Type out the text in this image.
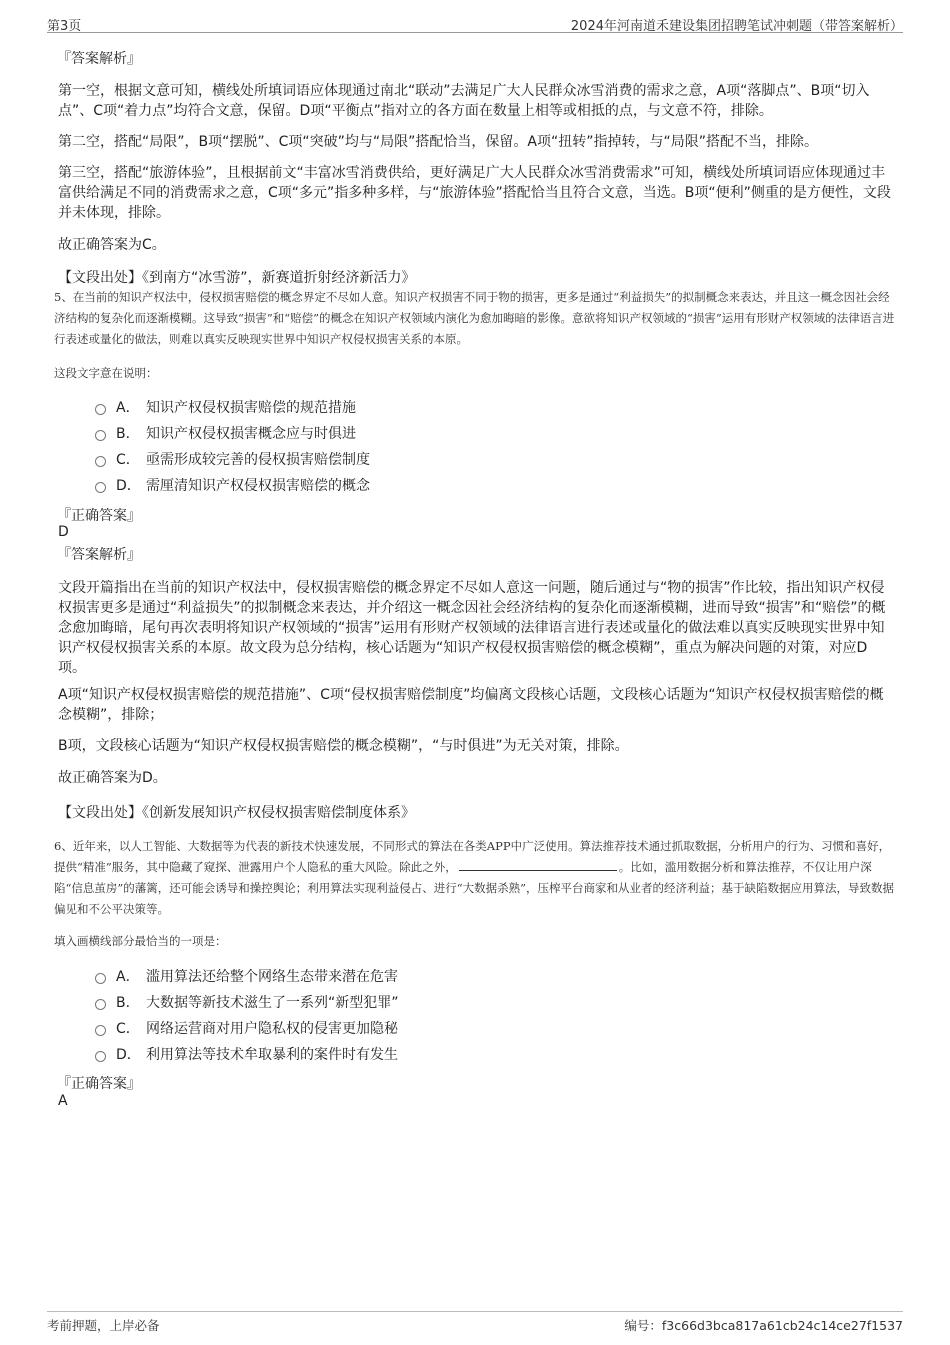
第3页	2024年河南道禾建设集团招聘笔试冲刺题（带答案解析）
『答案解析』
第一空，根据文意可知，横线处所填词语应体现通过南北“联动”去满足广大人民群众冰雪消费的需求之意，A项“落脚点”、B项“切入点”、C项“着力点”均符合文意，保留。D项“平衡点”指对立的各方面在数量上相等或相抵的点，与文意不符，排除。
第二空，搭配“局限”，B项“摆脱”、C项“突破”均与“局限”搭配恰当，保留。A项“扭转”指掉转，与“局限”搭配不当，排除。
第三空，搭配“旅游体验”，且根据前文“丰富冰雪消费供给，更好满足广大人民群众冰雪消费需求”可知，横线处所填词语应体现通过丰富供给满足不同的消费需求之意，C项“多元”指多种多样，与“旅游体验”搭配恰当且符合文意，当选。B项“便利”侧重的是方便性，文段并未体现，排除。
故正确答案为C。
【文段出处】《到南方“冰雪游”，新赛道折射经济新活力》
5、在当前的知识产权法中，侵权损害赔偿的概念界定不尽如人意。知识产权损害不同于物的损害，更多是通过“利益损失”的拟制概念来表达，并且这一概念因社会经济结构的复杂化而逐渐模糊。这导致“损害”和“赔偿”的概念在知识产权领域内演化为愈加晦暗的影像。意欲将知识产权领域的“损害”运用有形财产权领域的法律语言进行表述或量化的做法，则难以真实反映现实世界中知识产权侵权损害关系的本原。
这段文字意在说明：
A． 知识产权侵权损害赔偿的规范措施
B． 知识产权侵权损害概念应与时俱进
C． 亟需形成较完善的侵权损害赔偿制度
D． 需厘清知识产权侵权损害赔偿的概念
『正确答案』
D
『答案解析』
文段开篇指出在当前的知识产权法中，侵权损害赔偿的概念界定不尽如人意这一问题，随后通过与“物的损害”作比较，指出知识产权侵权损害更多是通过“利益损失”的拟制概念来表达，并介绍这一概念因社会经济结构的复杂化而逐渐模糊，进而导致“损害”和“赔偿”的概念愈加晦暗，尾句再次表明将知识产权领域的“损害”运用有形财产权领域的法律语言进行表述或量化的做法难以真实反映现实世界中知识产权侵权损害关系的本原。故文段为总分结构，核心话题为“知识产权侵权损害赔偿的概念模糊”，重点为解决问题的对策，对应D项。
A项“知识产权侵权损害赔偿的规范措施”、C项“侵权损害赔偿制度”均偏离文段核心话题，文段核心话题为“知识产权侵权损害赔偿的概念模糊”，排除；
B项，文段核心话题为“知识产权侵权损害赔偿的概念模糊”，“与时俱进”为无关对策，排除。
故正确答案为D。
【文段出处】《创新发展知识产权侵权损害赔偿制度体系》
6、近年来，以人工智能、大数据等为代表的新技术快速发展，不同形式的算法在各类APP中广泛使用。算法推荐技术通过抓取数据，分析用户的行为、习惯和喜好，提供“精准”服务，其中隐藏了窥探、泄露用户个人隐私的重大风险。除此之外，	。比如，滥用数据分析和算法推荐，不仅让用户深陷“信息茧房”的藩篱，还可能会诱导和操控舆论；利用算法实现利益侵占、进行“大数据杀熟”，压榨平台商家和从业者的经济利益；基于缺陷数据应用算法，导致数据偏见和不公平决策等。
填入画横线部分最恰当的一项是：
A． 滥用算法还给整个网络生态带来潜在危害
B． 大数据等新技术滋生了一系列“新型犯罪”
C． 网络运营商对用户隐私权的侵害更加隐秘
D． 利用算法等技术牟取暴利的案件时有发生
『正确答案』
A
考前押题，上岸必备	编号：f3c66d3bca817a61cb24c14ce27f1537
